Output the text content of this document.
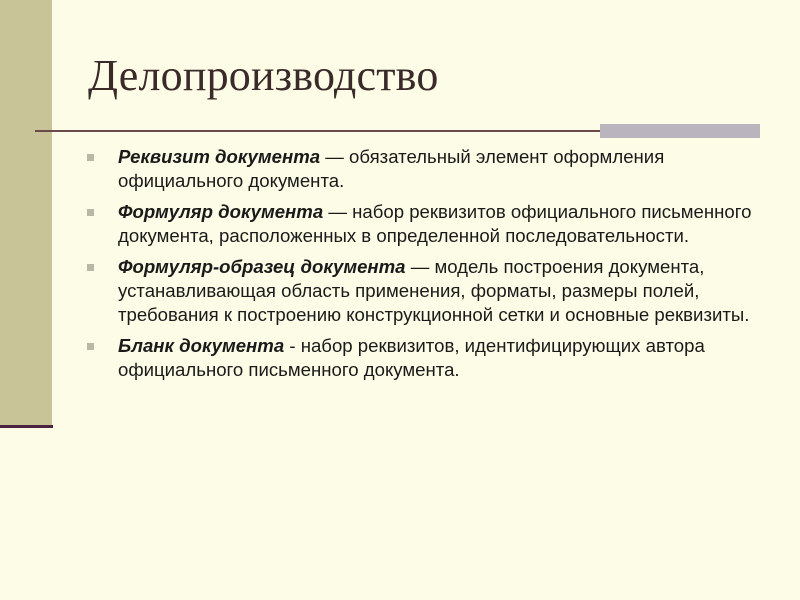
Делопроизводство
Реквизит документа — обязательный элемент оформления официального документа.
Формуляр документа — набор реквизитов официального письменного документа, расположенных в определенной последовательности.
Формуляр-образец документа — модель построения документа, устанавливающая область применения, форматы, размеры полей, требования к построению конструкционной сетки и основные реквизиты.
Бланк документа - набор реквизитов, идентифицирующих автора официального письменного документа.
